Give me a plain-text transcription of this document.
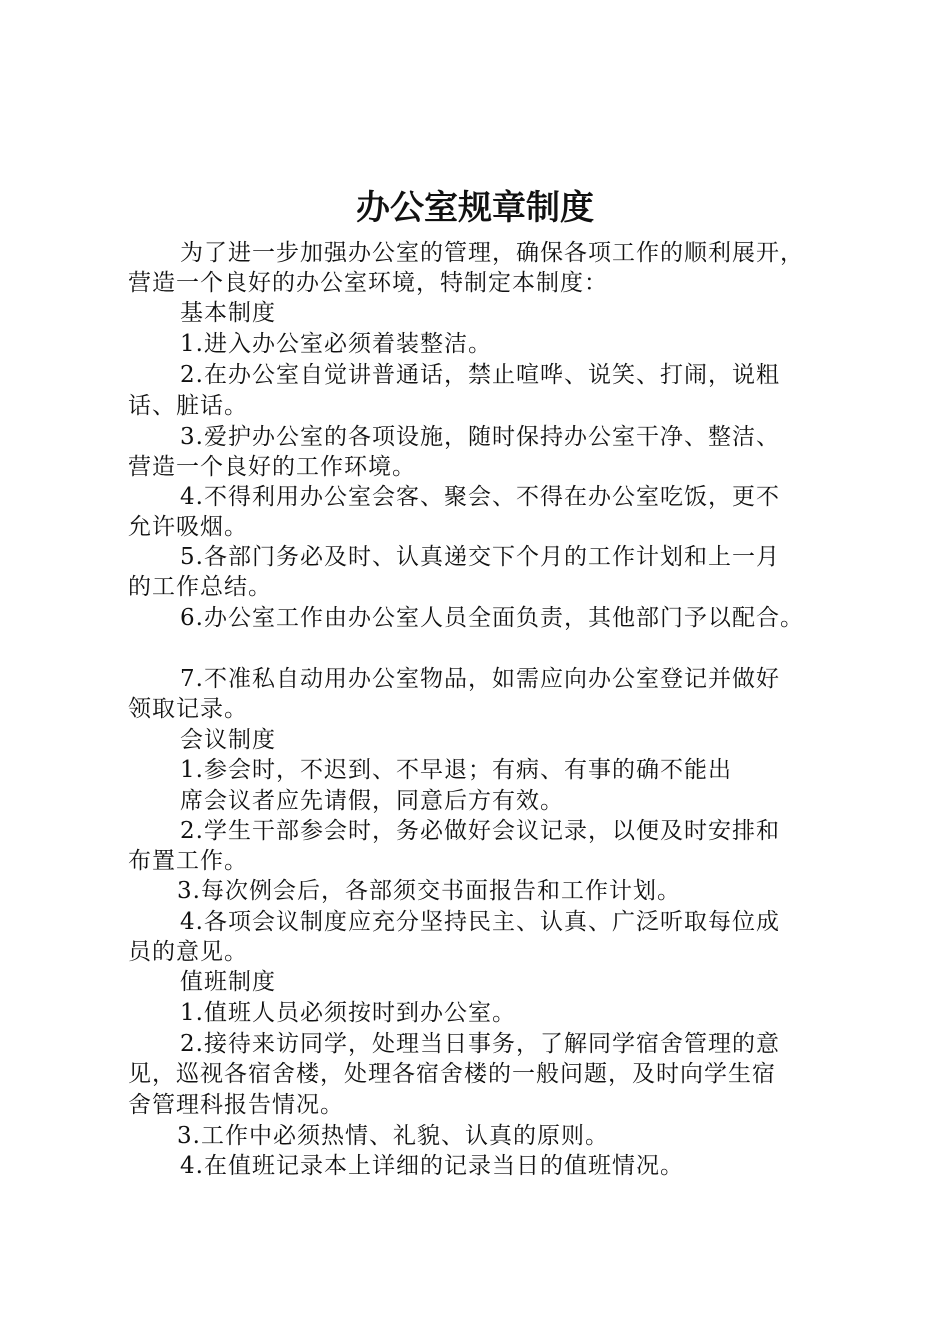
办公室规章制度
为了进一步加强办公室的管理，确保各项工作的顺利展开，
营造一个良好的办公室环境，特制定本制度：
基本制度
1.进入办公室必须着装整洁。
2.在办公室自觉讲普通话，禁止喧哗、说笑、打闹，说粗
话、脏话。
3.爱护办公室的各项设施，随时保持办公室干净、整洁、
营造一个良好的工作环境。
4.不得利用办公室会客、聚会、不得在办公室吃饭，更不
允许吸烟。
5.各部门务必及时、认真递交下个月的工作计划和上一月
的工作总结。
6.办公室工作由办公室人员全面负责，其他部门予以配合。
7.不准私自动用办公室物品，如需应向办公室登记并做好
领取记录。
会议制度
1.参会时，不迟到、不早退；有病、有事的确不能出
席会议者应先请假，同意后方有效。
2.学生干部参会时，务必做好会议记录，以便及时安排和
布置工作。
3.每次例会后，各部须交书面报告和工作计划。
4.各项会议制度应充分坚持民主、认真、广泛听取每位成
员的意见。
值班制度
1.值班人员必须按时到办公室。
2.接待来访同学，处理当日事务，了解同学宿舍管理的意
见，巡视各宿舍楼，处理各宿舍楼的一般问题，及时向学生宿
舍管理科报告情况。
3.工作中必须热情、礼貌、认真的原则。
4.在值班记录本上详细的记录当日的值班情况。
